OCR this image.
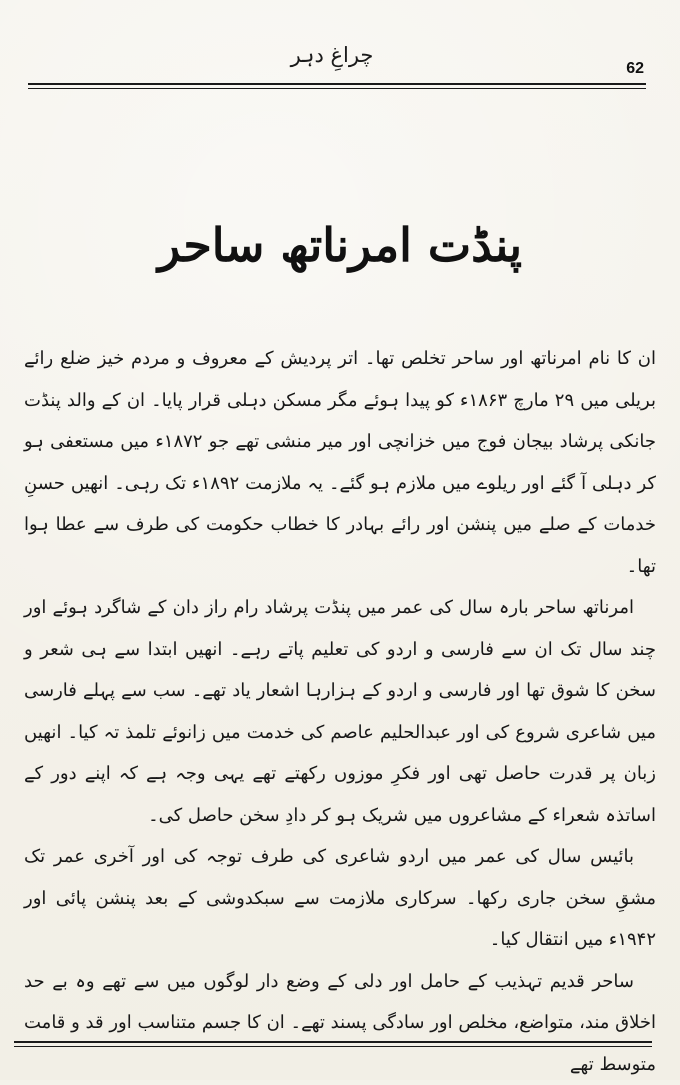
چراغِ دہر
62
پنڈت امرناتھ ساحر

ان کا نام امرناتھ اور ساحر تخلص تھا۔ اتر پردیش کے معروف و مردم خیز ضلع رائے بریلی میں ۲۹ مارچ ۱۸۶۳ء کو پیدا ہوئے مگر مسکن دہلی قرار پایا۔ ان کے والد پنڈت جانکی پرشاد بیجان فوج میں خزانچی اور میر منشی تھے جو ۱۸۷۲ء میں مستعفی ہو کر دہلی آ گئے اور ریلوے میں ملازم ہو گئے۔ یہ ملازمت ۱۸۹۲ء تک رہی۔ انھیں حسنِ خدمات کے صلے میں پنشن اور رائے بہادر کا خطاب حکومت کی طرف سے عطا ہوا تھا۔

امرناتھ ساحر بارہ سال کی عمر میں پنڈت پرشاد رام راز دان کے شاگرد ہوئے اور چند سال تک ان سے فارسی و اردو کی تعلیم پاتے رہے۔ انھیں ابتدا سے ہی شعر و سخن کا شوق تھا اور فارسی و اردو کے ہزارہا اشعار یاد تھے۔ سب سے پہلے فارسی میں شاعری شروع کی اور عبدالحلیم عاصم کی خدمت میں زانوئے تلمذ تہ کیا۔ انھیں زبان پر قدرت حاصل تھی اور فکرِ موزوں رکھتے تھے یہی وجہ ہے کہ اپنے دور کے اساتذہ شعراء کے مشاعروں میں شریک ہو کر دادِ سخن حاصل کی۔

بائیس سال کی عمر میں اردو شاعری کی طرف توجہ کی اور آخری عمر تک مشقِ سخن جاری رکھا۔ سرکاری ملازمت سے سبکدوشی کے بعد پنشن پائی اور ۱۹۴۲ء میں انتقال کیا۔

ساحر قدیم تہذیب کے حامل اور دلی کے وضع دار لوگوں میں سے تھے وہ بے حد اخلاق مند، متواضع، مخلص اور سادگی پسند تھے۔ ان کا جسم متناسب اور قد و قامت متوسط تھے
